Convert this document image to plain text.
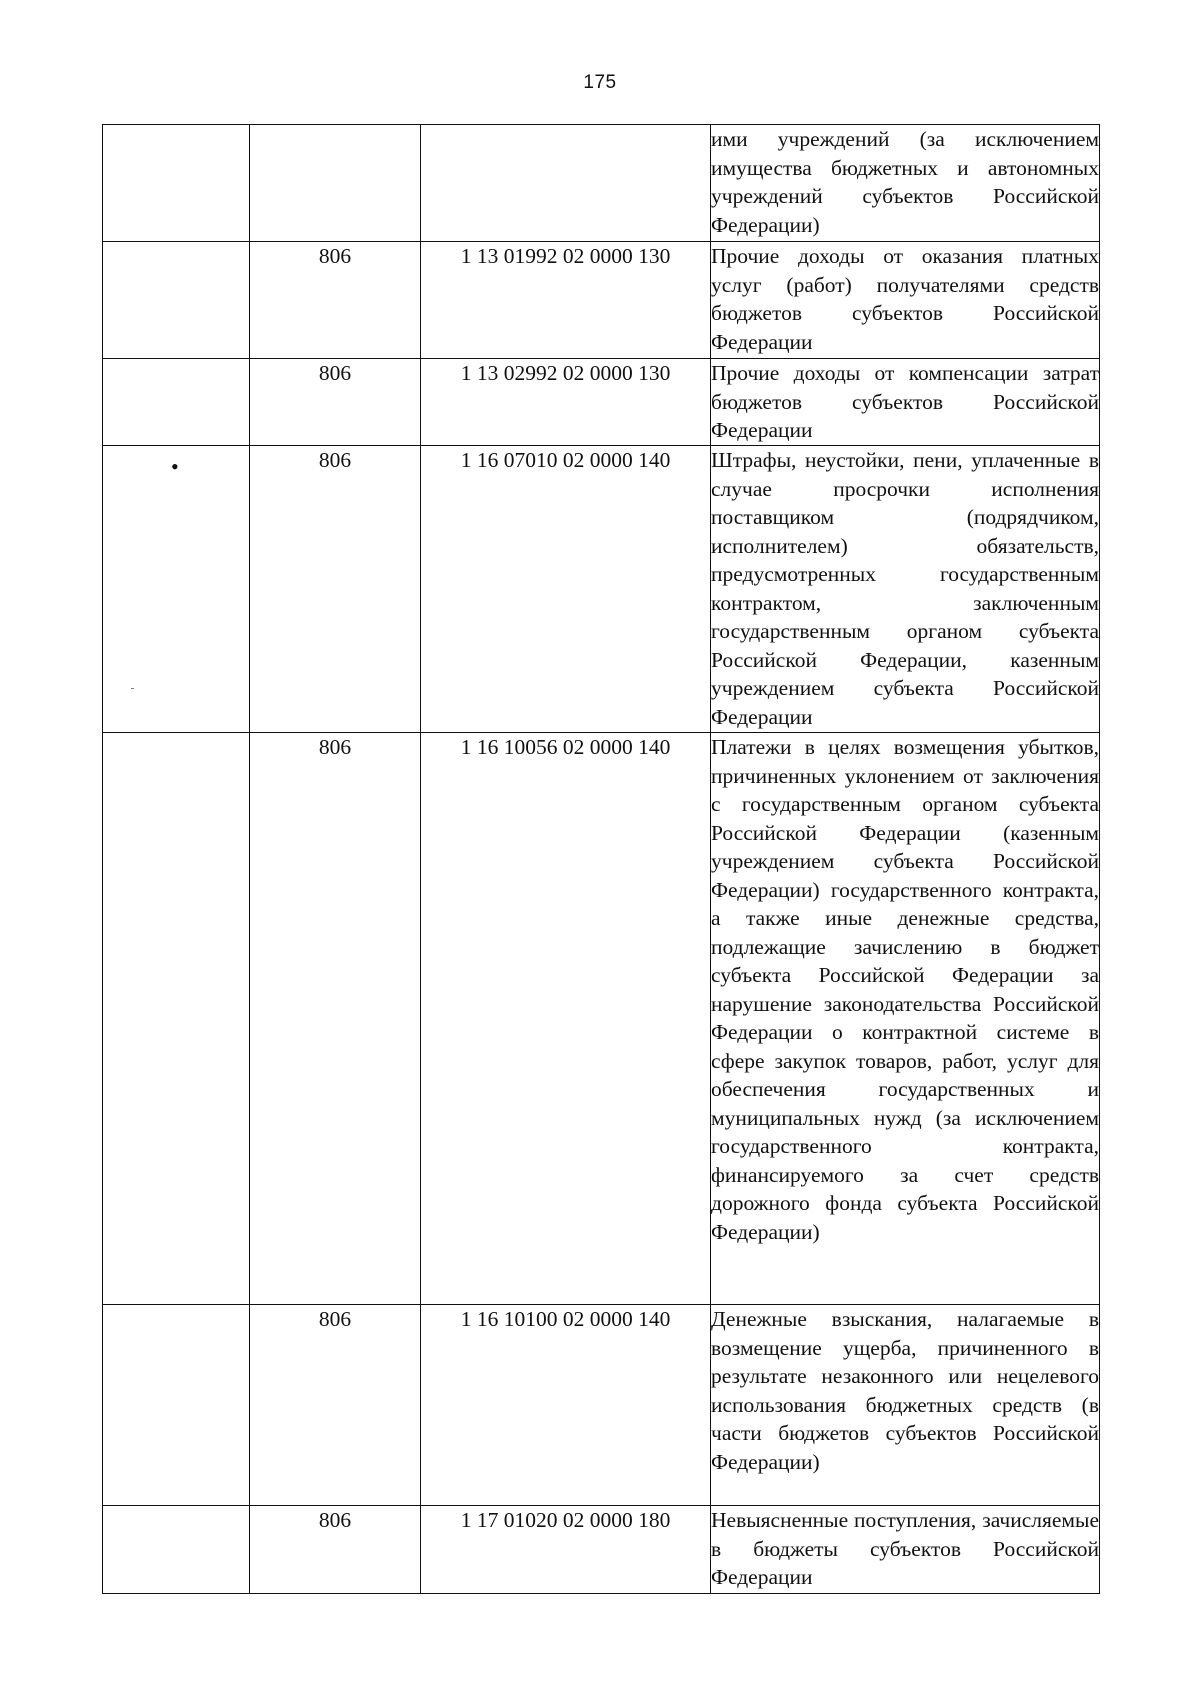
175
			ими учреждений (за исключением имущества бюджетных и автономных учреждений субъектов Российской Федерации)
	806	1 13 01992 02 0000 130	Прочие доходы от оказания платных услуг (работ) получателями средств бюджетов субъектов Российской Федерации
	806	1 13 02992 02 0000 130	Прочие доходы от компенсации затрат бюджетов субъектов Российской Федерации

•	806	1 16 07010 02 0000 140	Штрафы, неустойки, пени, уплаченные в случае просрочки исполнения поставщиком (подрядчиком, исполнителем) обязательств, предусмотренных государственным контрактом, заключенным государственным органом субъекта Российской Федерации, казенным учреждением субъекта Российской Федерации
	806	1 16 10056 02 0000 140	Платежи в целях возмещения убытков, причиненных уклонением от заключения с государственным органом субъекта Российской Федерации (казенным учреждением субъекта Российской Федерации) государственного контракта, а также иные денежные средства, подлежащие зачислению в бюджет субъекта Российской Федерации за нарушение законодательства Российской Федерации о контрактной системе в сфере закупок товаров, работ, услуг для обеспечения государственных и муниципальных нужд (за исключением государственного контракта, финансируемого за счет средств дорожного фонда субъекта Российской Федерации)
	806	1 16 10100 02 0000 140	Денежные взыскания, налагаемые в возмещение ущерба, причиненного в результате незаконного или нецелевого использования бюджетных средств (в части бюджетов субъектов Российской Федерации)
	806	1 17 01020 02 0000 180	Невыясненные поступления, зачисляемые в бюджеты субъектов Российской Федерации
